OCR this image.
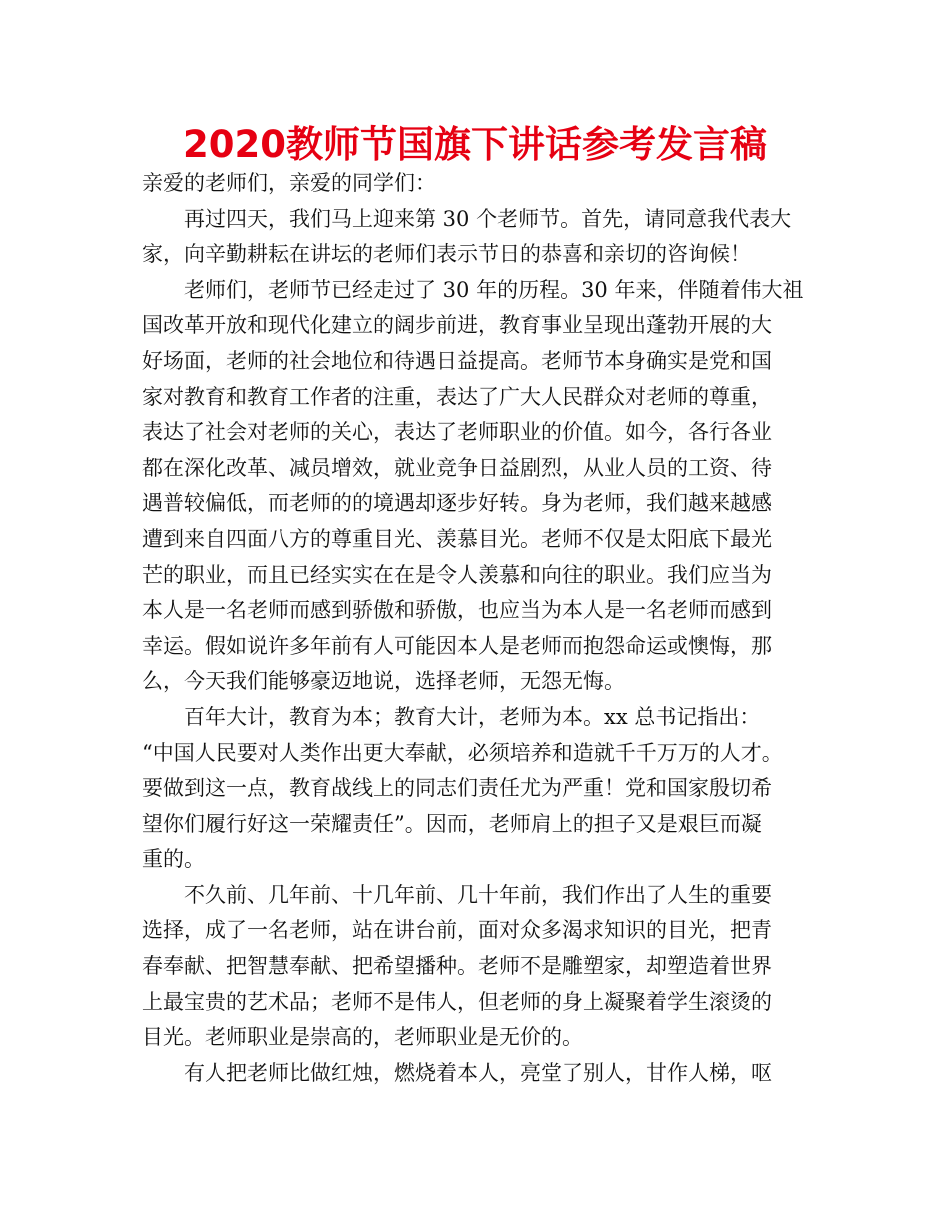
2020教师节国旗下讲话参考发言稿
亲爱的老师们，亲爱的同学们：
再过四天，我们马上迎来第 30 个老师节。首先，请同意我代表大
家，向辛勤耕耘在讲坛的老师们表示节日的恭喜和亲切的咨询候！
老师们，老师节已经走过了 30 年的历程。30 年来，伴随着伟大祖
国改革开放和现代化建立的阔步前进，教育事业呈现出蓬勃开展的大
好场面，老师的社会地位和待遇日益提高。老师节本身确实是党和国
家对教育和教育工作者的注重，表达了广大人民群众对老师的尊重，
表达了社会对老师的关心，表达了老师职业的价值。如今，各行各业
都在深化改革、减员增效，就业竞争日益剧烈，从业人员的工资、待
遇普较偏低，而老师的的境遇却逐步好转。身为老师，我们越来越感
遭到来自四面八方的尊重目光、羡慕目光。老师不仅是太阳底下最光
芒的职业，而且已经实实在在是令人羡慕和向往的职业。我们应当为
本人是一名老师而感到骄傲和骄傲，也应当为本人是一名老师而感到
幸运。假如说许多年前有人可能因本人是老师而抱怨命运或懊悔，那
么，今天我们能够豪迈地说，选择老师，无怨无悔。
百年大计，教育为本；教育大计，老师为本。xx 总书记指出：
“中国人民要对人类作出更大奉献，必须培养和造就千千万万的人才。
要做到这一点，教育战线上的同志们责任尤为严重！党和国家殷切希
望你们履行好这一荣耀责任”。因而，老师肩上的担子又是艰巨而凝
重的。
不久前、几年前、十几年前、几十年前，我们作出了人生的重要
选择，成了一名老师，站在讲台前，面对众多渴求知识的目光，把青
春奉献、把智慧奉献、把希望播种。老师不是雕塑家，却塑造着世界
上最宝贵的艺术品；老师不是伟人，但老师的身上凝聚着学生滚烫的
目光。老师职业是崇高的，老师职业是无价的。
有人把老师比做红烛，燃烧着本人，亮堂了别人，甘作人梯，呕
